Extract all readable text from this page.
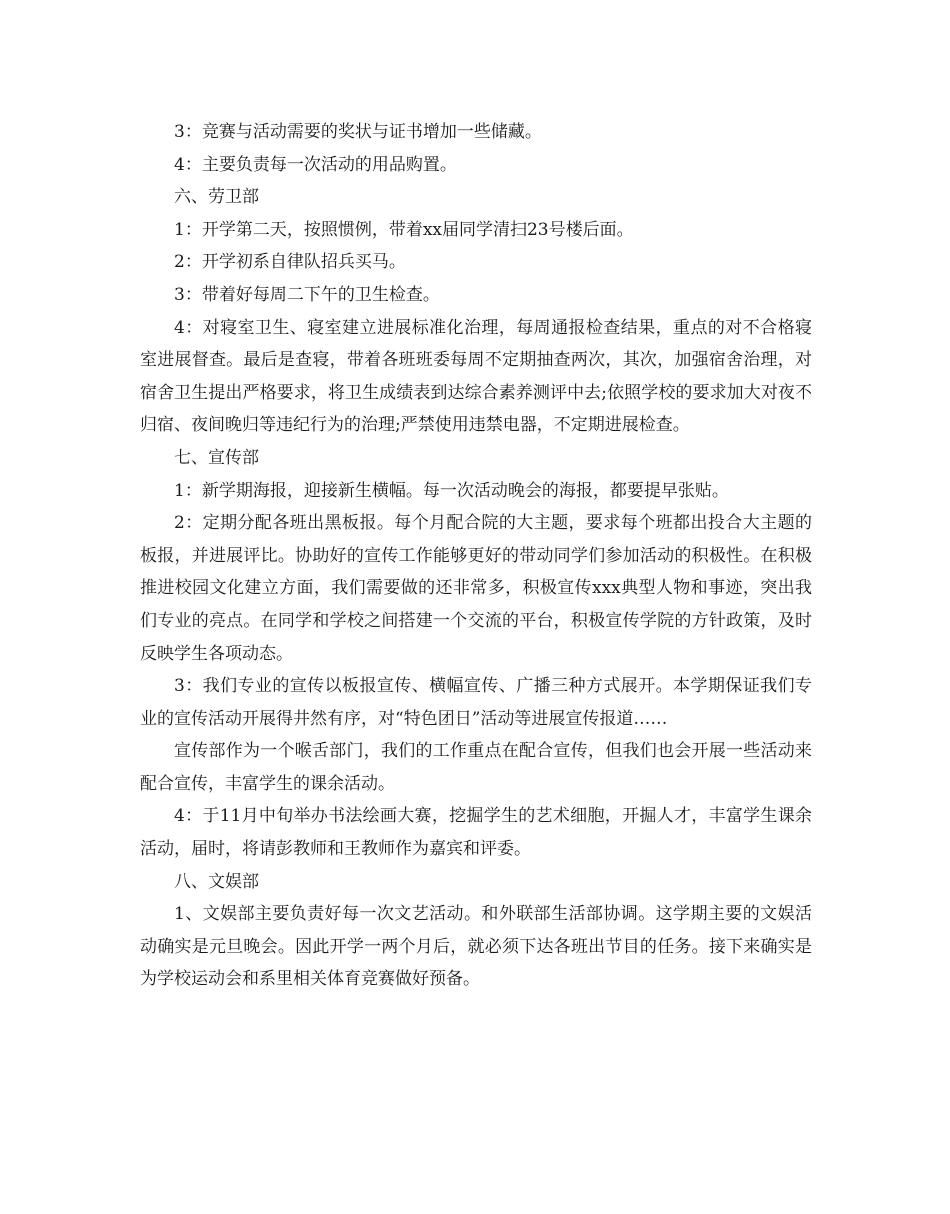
3：竞赛与活动需要的奖状与证书增加一些储藏。

4：主要负责每一次活动的用品购置。

六、劳卫部

1：开学第二天，按照惯例，带着xx届同学清扫23号楼后面。

2：开学初系自律队招兵买马。

3：带着好每周二下午的卫生检查。

4：对寝室卫生、寝室建立进展标准化治理，每周通报检查结果，重点的对不合格寝室进展督查。最后是查寝，带着各班班委每周不定期抽查两次，其次，加强宿舍治理，对宿舍卫生提出严格要求，将卫生成绩表到达综合素养测评中去;依照学校的要求加大对夜不归宿、夜间晚归等违纪行为的治理;严禁使用违禁电器，不定期进展检查。

七、宣传部

1：新学期海报，迎接新生横幅。每一次活动晚会的海报，都要提早张贴。

2：定期分配各班出黑板报。每个月配合院的大主题，要求每个班都出投合大主题的板报，并进展评比。协助好的宣传工作能够更好的带动同学们参加活动的积极性。在积极推进校园文化建立方面，我们需要做的还非常多，积极宣传xxx典型人物和事迹，突出我们专业的亮点。在同学和学校之间搭建一个交流的平台，积极宣传学院的方针政策，及时反映学生各项动态。

3：我们专业的宣传以板报宣传、横幅宣传、广播三种方式展开。本学期保证我们专业的宣传活动开展得井然有序，对“特色团日”活动等进展宣传报道……

宣传部作为一个喉舌部门，我们的工作重点在配合宣传，但我们也会开展一些活动来配合宣传，丰富学生的课余活动。

4：于11月中旬举办书法绘画大赛，挖掘学生的艺术细胞，开掘人才，丰富学生课余活动，届时，将请彭教师和王教师作为嘉宾和评委。

八、文娱部

1、文娱部主要负责好每一次文艺活动。和外联部生活部协调。这学期主要的文娱活动确实是元旦晚会。因此开学一两个月后，就必须下达各班出节目的任务。接下来确实是为学校运动会和系里相关体育竞赛做好预备。
